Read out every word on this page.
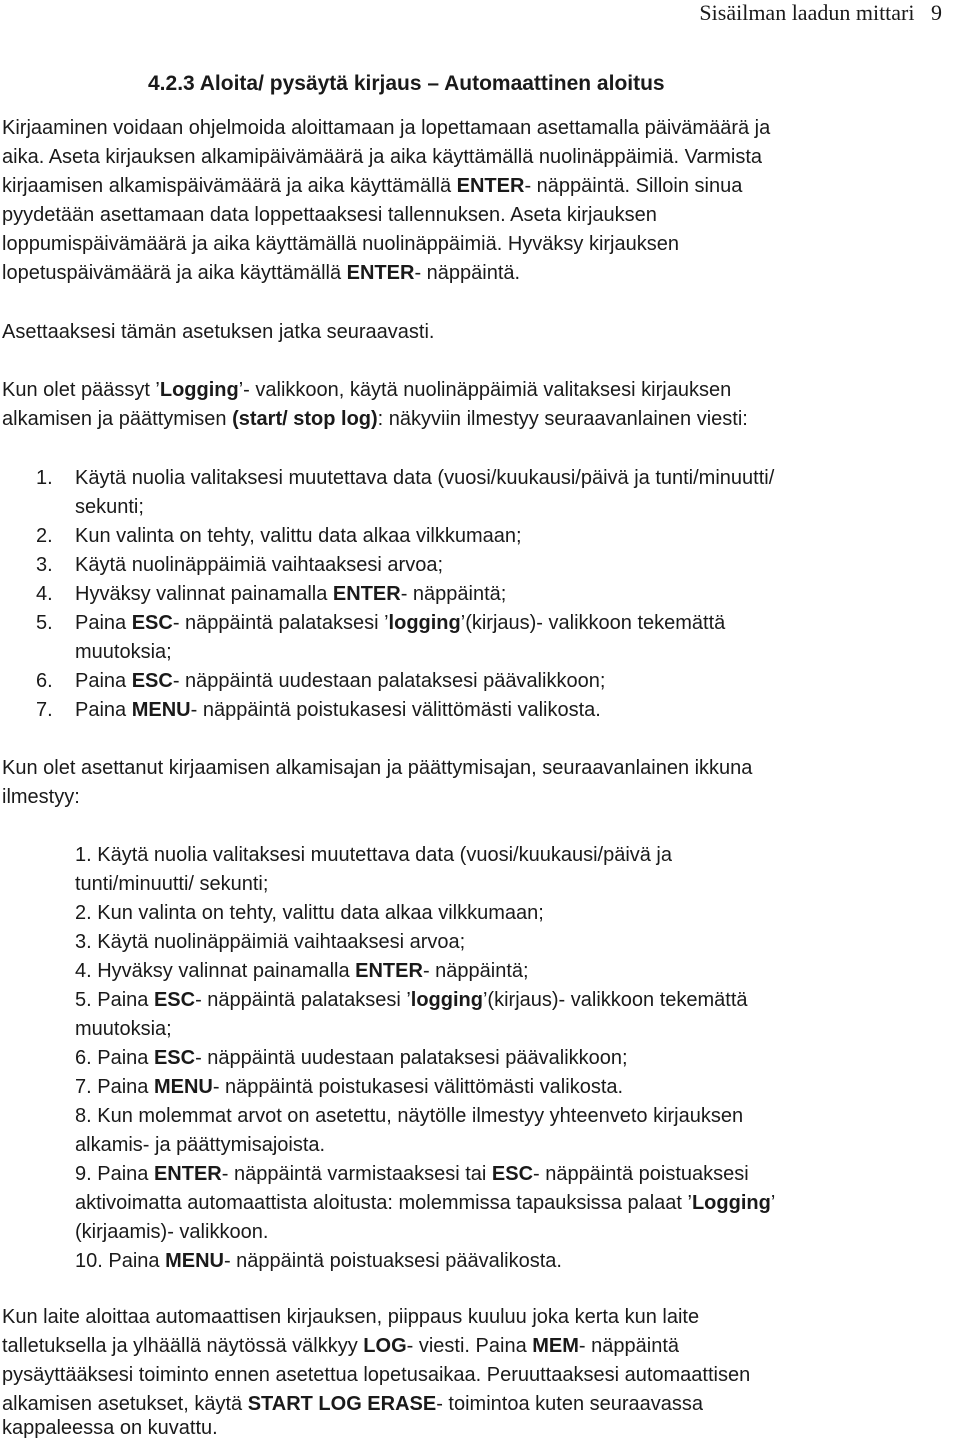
Sisäilman laadun mittari 9
4.2.3 Aloita/ pysäytä kirjaus – Automaattinen aloitus
Kirjaaminen voidaan ohjelmoida aloittamaan ja lopettamaan asettamalla päivämäärä ja
aika. Aseta kirjauksen alkamipäivämäärä ja aika käyttämällä nuolinäppäimiä. Varmista
kirjaamisen alkamispäivämäärä ja aika käyttämällä ENTER- näppäintä. Silloin sinua
pyydetään asettamaan data loppettaaksesi tallennuksen. Aseta kirjauksen
loppumispäivämäärä ja aika käyttämällä nuolinäppäimiä. Hyväksy kirjauksen
lopetuspäivämäärä ja aika käyttämällä ENTER- näppäintä.
Asettaaksesi tämän asetuksen jatka seuraavasti.
Kun olet päässyt ’Logging’- valikkoon, käytä nuolinäppäimiä valitaksesi kirjauksen
alkamisen ja päättymisen (start/ stop log): näkyviin ilmestyy seuraavanlainen viesti:
1. Käytä nuolia valitaksesi muutettava data (vuosi/kuukausi/päivä ja tunti/minuutti/
sekunti;
2. Kun valinta on tehty, valittu data alkaa vilkkumaan;
3. Käytä nuolinäppäimiä vaihtaaksesi arvoa;
4. Hyväksy valinnat painamalla ENTER- näppäintä;
5. Paina ESC- näppäintä palataksesi ’logging’(kirjaus)- valikkoon tekemättä
muutoksia;
6. Paina ESC- näppäintä uudestaan palataksesi päävalikkoon;
7. Paina MENU- näppäintä poistukasesi välittömästi valikosta.
Kun olet asettanut kirjaamisen alkamisajan ja päättymisajan, seuraavanlainen ikkuna
ilmestyy:
1. Käytä nuolia valitaksesi muutettava data (vuosi/kuukausi/päivä ja
tunti/minuutti/ sekunti;
2. Kun valinta on tehty, valittu data alkaa vilkkumaan;
3. Käytä nuolinäppäimiä vaihtaaksesi arvoa;
4. Hyväksy valinnat painamalla ENTER- näppäintä;
5. Paina ESC- näppäintä palataksesi ’logging’(kirjaus)- valikkoon tekemättä
muutoksia;
6. Paina ESC- näppäintä uudestaan palataksesi päävalikkoon;
7. Paina MENU- näppäintä poistukasesi välittömästi valikosta.
8. Kun molemmat arvot on asetettu, näytölle ilmestyy yhteenveto kirjauksen
alkamis- ja päättymisajoista.
9. Paina ENTER- näppäintä varmistaaksesi tai ESC- näppäintä poistuaksesi
aktivoimatta automaattista aloitusta: molemmissa tapauksissa palaat ’Logging’
(kirjaamis)- valikkoon.
10. Paina MENU- näppäintä poistuaksesi päävalikosta.
Kun laite aloittaa automaattisen kirjauksen, piippaus kuuluu joka kerta kun laite
talletuksella ja ylhäällä näytössä välkkyy LOG- viesti. Paina MEM- näppäintä
pysäyttääksesi toiminto ennen asetettua lopetusaikaa. Peruuttaaksesi automaattisen
alkamisen asetukset, käytä START LOG ERASE- toimintoa kuten seuraavassa
kappaleessa on kuvattu.
